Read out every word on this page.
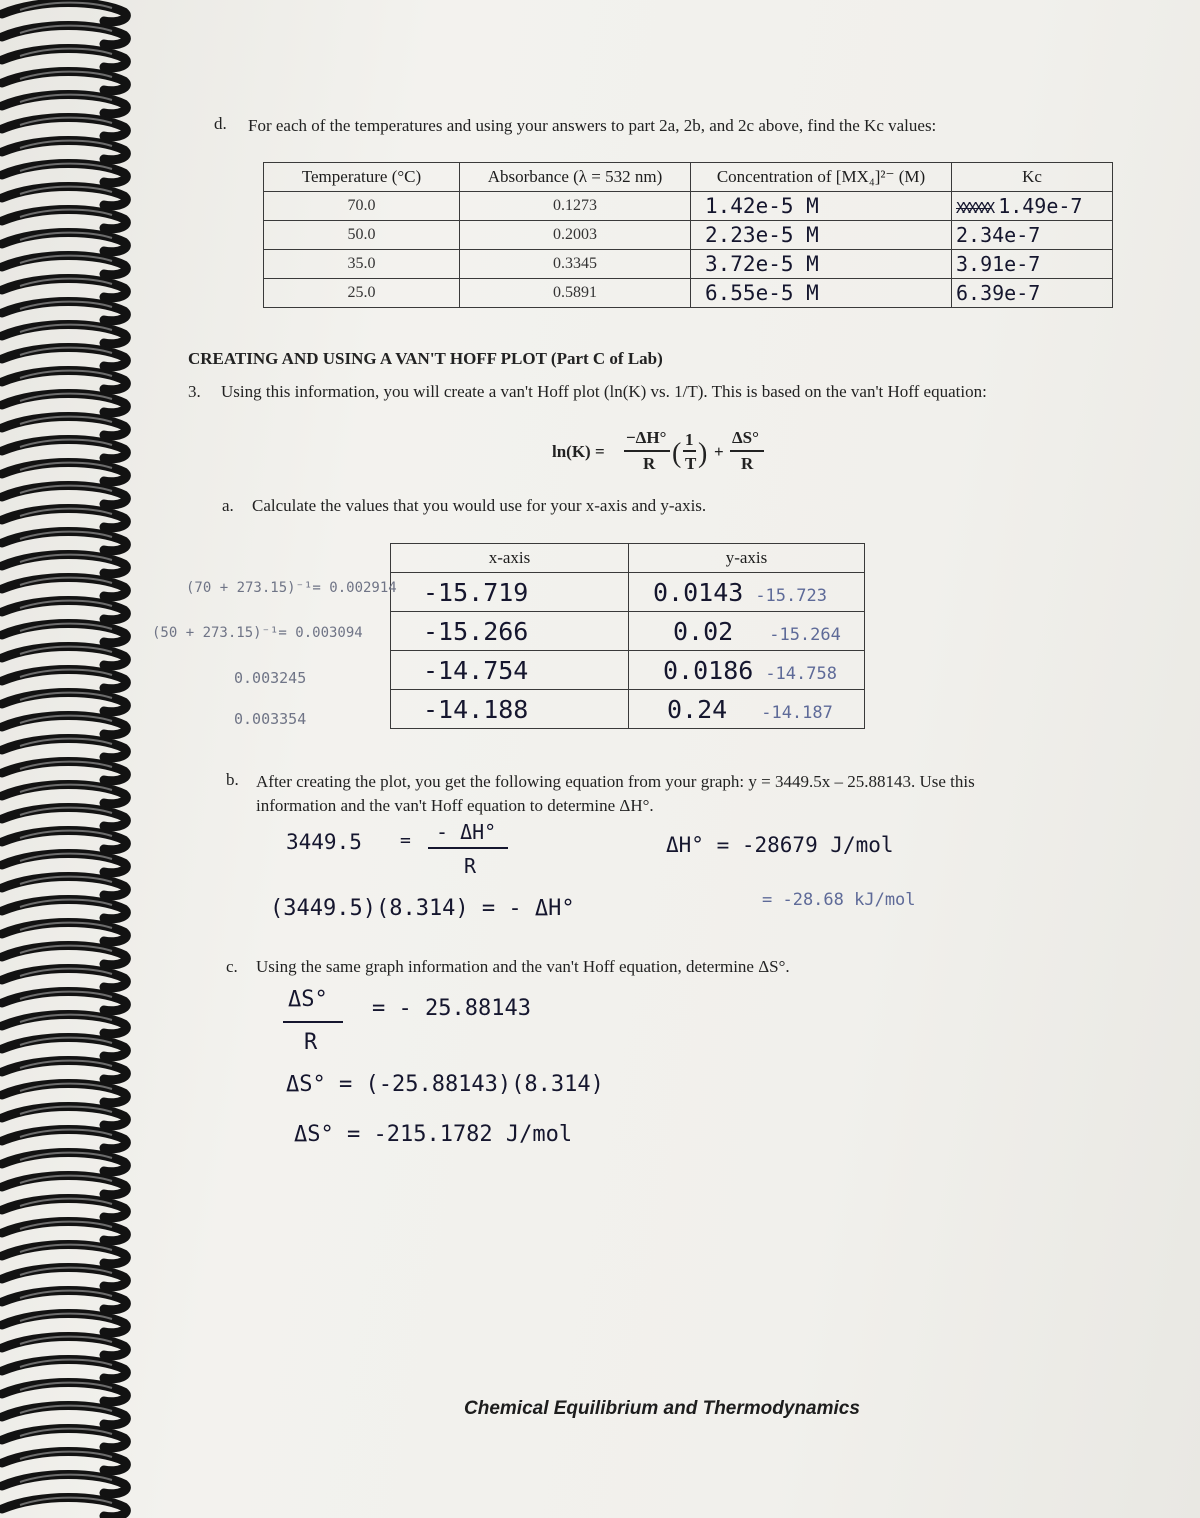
d. For each of the temperatures and using your answers to part 2a, 2b, and 2c above, find the Kc values:
Temperature (°C)	Absorbance (λ = 532 nm)	Concentration of [MX₄]²⁻ (M)	Kc
70.0	0.1273	1.42e-5 M	XXXXXX 1.49e-7
50.0	0.2003	2.23e-5 M	2.34e-7
35.0	0.3345	3.72e-5 M	3.91e-7
25.0	0.5891	6.55e-5 M	6.39e-7
CREATING AND USING A VAN'T HOFF PLOT (Part C of Lab)
3. Using this information, you will create a van't Hoff plot (ln(K) vs. 1/T). This is based on the van't Hoff equation:
ln(K) =
−ΔH°
R ( 1
T ) +
ΔS°
R
a. Calculate the values that you would use for your x-axis and y-axis.
x-axis	y-axis
-15.719	0.0143 -15.723
-15.266	0.02 -15.264
-14.754	0.0186 -14.758
-14.188	0.24 -14.187
(70 + 273.15)⁻¹= 0.002914
(50 + 273.15)⁻¹= 0.003094
0.003245
0.003354
b. After creating the plot, you get the following equation from your graph: y = 3449.5x – 25.88143. Use this
information and the van't Hoff equation to determine ΔH°.
3449.5 = - ΔH°
R
(3449.5)(8.314) = - ΔH°
ΔH° = -28679 J/mol
= -28.68 kJ/mol
c. Using the same graph information and the van't Hoff equation, determine ΔS°.
ΔS°
R
= - 25.88143
ΔS° = (-25.88143)(8.314)
ΔS° = -215.1782 J/mol
Chemical Equilibrium and Thermodynamics
